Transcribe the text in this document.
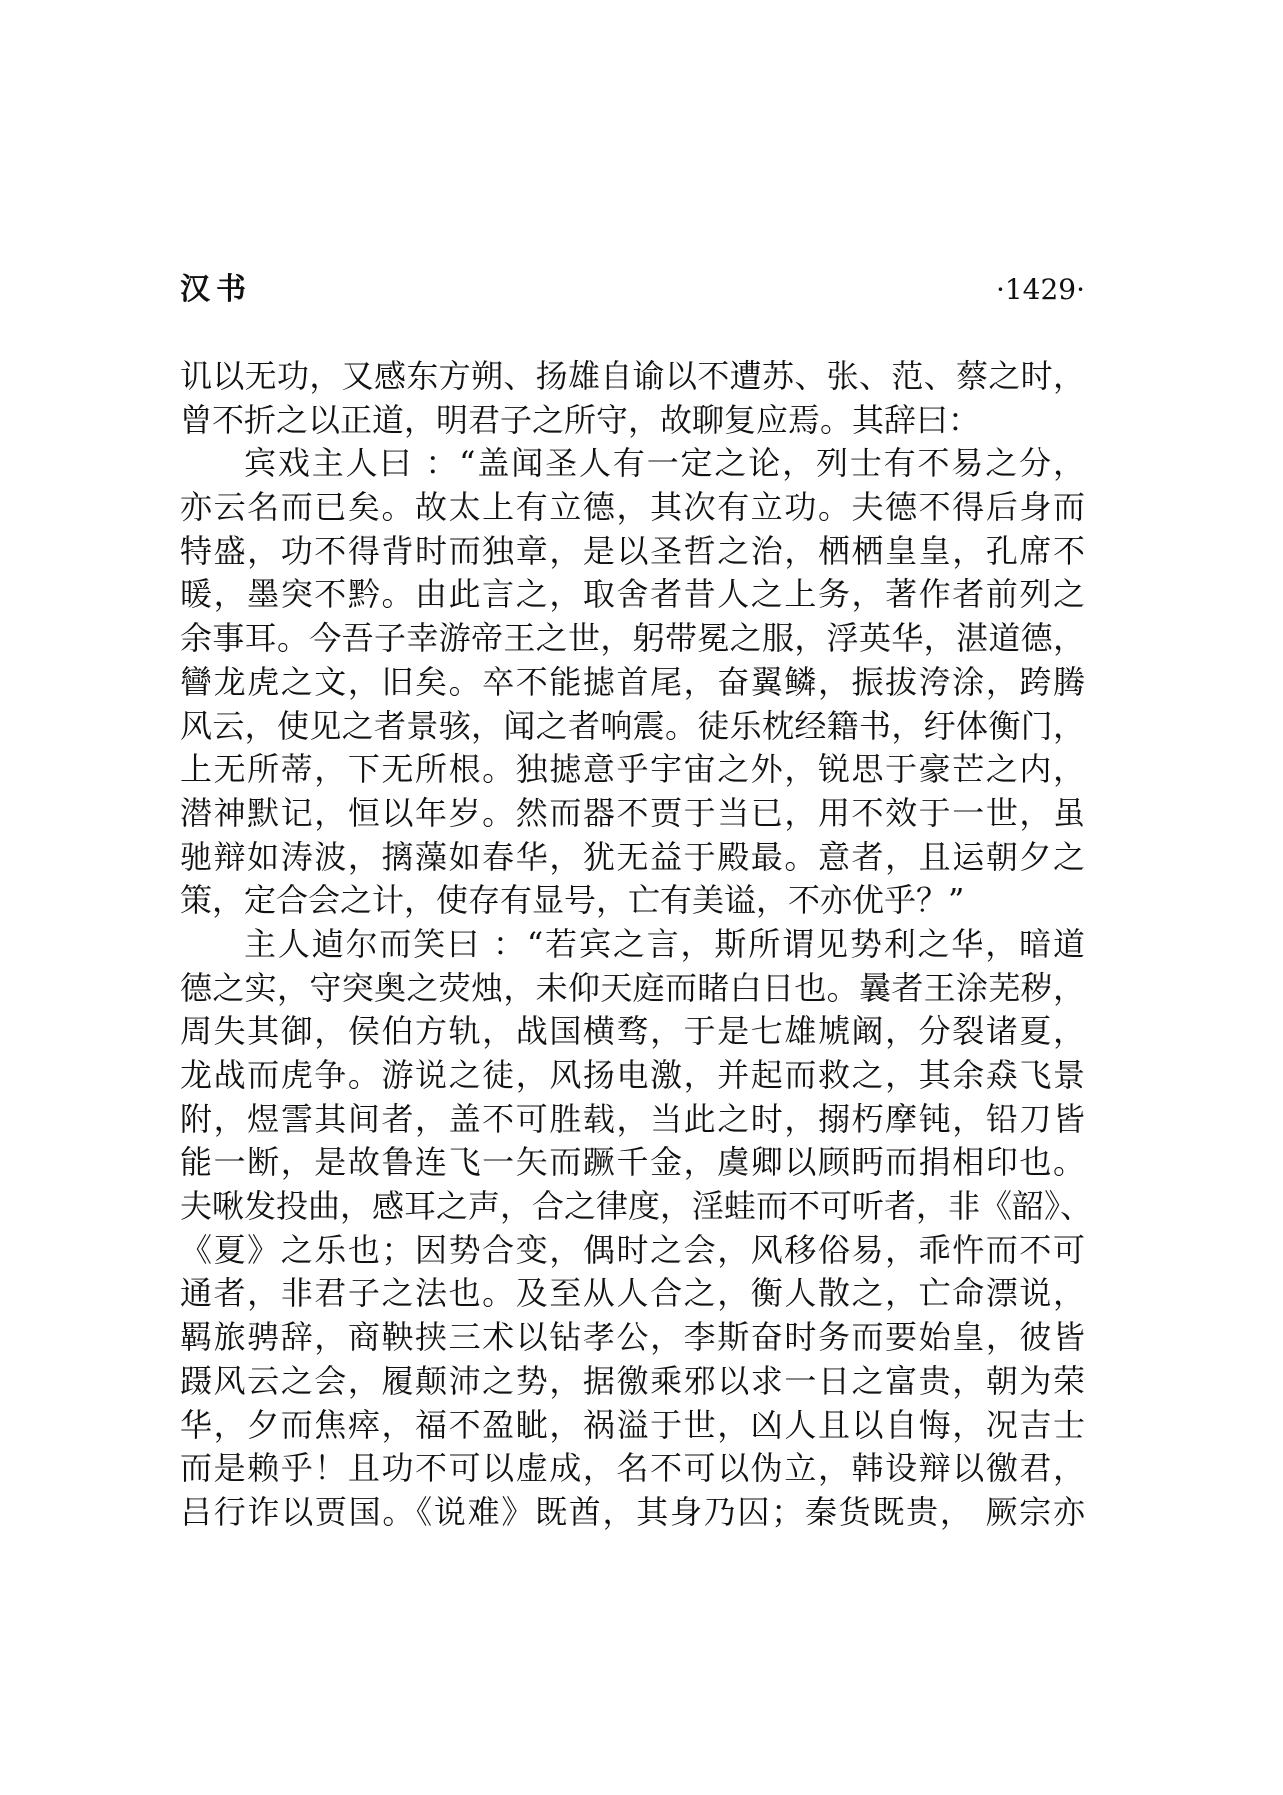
汉书	·1429·
讥以无功，又感东方朔、扬雄自谕以不遭苏、张、范、蔡之时，
曾不折之以正道，明君子之所守，故聊复应焉。其辞曰：
宾戏主人曰 ：“盖闻圣人有一定之论，列士有不易之分，
亦云名而已矣。故太上有立德，其次有立功。夫德不得后身而
特盛，功不得背时而独章，是以圣哲之治，栖栖皇皇，孔席不
暖，墨突不黔。由此言之，取舍者昔人之上务，著作者前列之
余事耳。今吾子幸游帝王之世，躬带冕之服，浮英华，湛道德，
矕龙虎之文，旧矣。卒不能摅首尾，奋翼鳞，振拔洿涂，跨腾
风云，使见之者景骇，闻之者响震。徒乐枕经籍书，纡体衡门，
上无所蒂，下无所根。独摅意乎宇宙之外，锐思于豪芒之内，
潜神默记，恒以年岁。然而器不贾于当已，用不效于一世，虽
驰辩如涛波，摛藻如春华，犹无益于殿最。意者，且运朝夕之
策，定合会之计，使存有显号，亡有美谥，不亦优乎？”
主人逌尔而笑曰 ：“若宾之言，斯所谓见势利之华，暗道
德之实，守突奥之荧烛，未仰天庭而睹白日也。曩者王涂芜秽，
周失其御，侯伯方轨，战国横骛，于是七雄虓阚，分裂诸夏，
龙战而虎争。游说之徒，风扬电激，并起而救之，其余猋飞景
附，煜霅其间者，盖不可胜载，当此之时，搦朽摩钝，铅刀皆
能一断，是故鲁连飞一矢而蹶千金，虞卿以顾眄而捐相印也。
夫啾发投曲，感耳之声，合之律度，淫蛙而不可听者，非《韶》、
《夏》之乐也；因势合变，偶时之会，风移俗易，乖忤而不可
通者，非君子之法也。及至从人合之，衡人散之，亡命漂说，
羁旅骋辞，商鞅挟三术以钻孝公，李斯奋时务而要始皇，彼皆
蹑风云之会，履颠沛之势，据徼乘邪以求一日之富贵，朝为荣
华，夕而焦瘁，福不盈眦，祸溢于世，凶人且以自悔，况吉士
而是赖乎！且功不可以虚成，名不可以伪立，韩设辩以徼君，
吕行诈以贾国。《说难》既酋，其身乃囚；秦货既贵， 厥宗亦
